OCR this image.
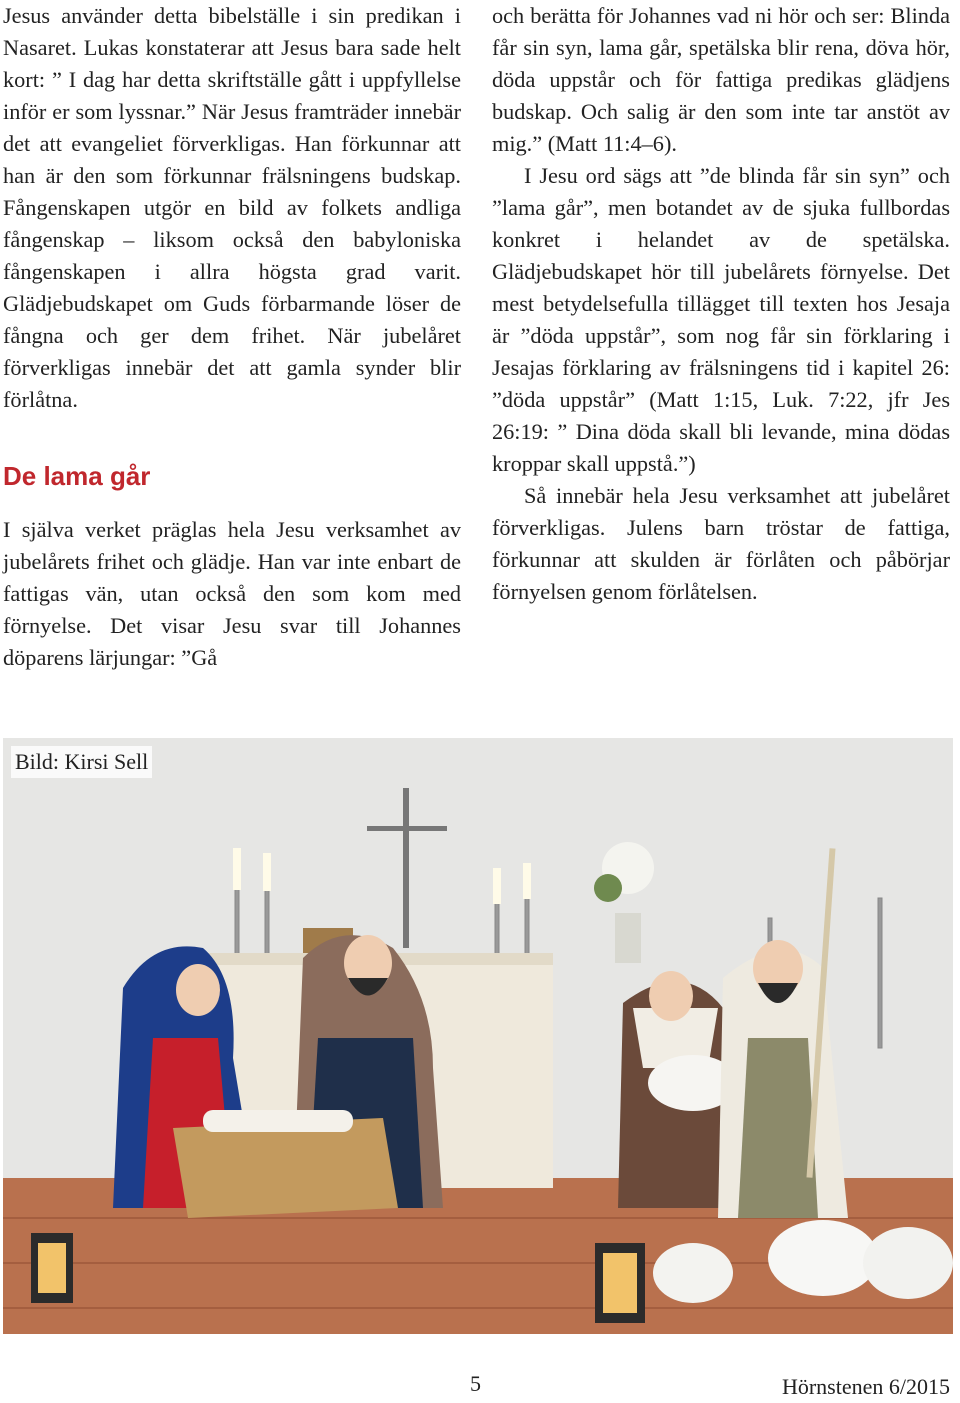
Jesus använder detta bibelställe i sin predikan i Nasaret. Lukas konstaterar att Jesus bara sade helt kort: ” I dag har detta skriftställe gått i uppfyllelse inför er som lyssnar.” När Jesus framträder innebär det att evangeliet förverkligas. Han förkunnar att han är den som förkunnar frälsningens budskap. Fångenskapen utgör en bild av folkets andliga fångenskap – liksom också den babyloniska fångenskapen i allra högsta grad varit. Glädjebudskapet om Guds förbarmande löser de fångna och ger dem frihet. När jubelåret förverkligas innebär det att gamla synder blir förlåtna.

De lama går

I själva verket präglas hela Jesu verksamhet av jubelårets frihet och glädje. Han var inte enbart de fattigas vän, utan också den som kom med förnyelse. Det visar Jesu svar till Johannes döparens lärjungar: ”Gå

och berätta för Johannes vad ni hör och ser: Blinda får sin syn, lama går, spetälska blir rena, döva hör, döda uppstår och för fattiga predikas glädjens budskap. Och salig är den som inte tar anstöt av mig.” (Matt 11:4–6).

I Jesu ord sägs att ”de blinda får sin syn” och ”lama går”, men botandet av de sjuka fullbordas konkret i helandet av de spetälska. Glädjebudskapet hör till jubelårets förnyelse. Det mest betydelsefulla tillägget till texten hos Jesaja är ”döda uppstår”, som nog får sin förklaring i Jesajas förklaring av frälsningens tid i kapitel 26: ”döda uppstår” (Matt 1:15, Luk. 7:22, jfr Jes 26:19: ” Dina döda skall bli levande, mina dödas kroppar skall uppstå.”)

Så innebär hela Jesu verksamhet att jubelåret förverkligas. Julens barn tröstar de fattiga, förkunnar att skulden är förlåten och påbörjar förnyelsen genom förlåtelsen.

Bild: Kirsi Sell
5	Hörnstenen 6/2015
